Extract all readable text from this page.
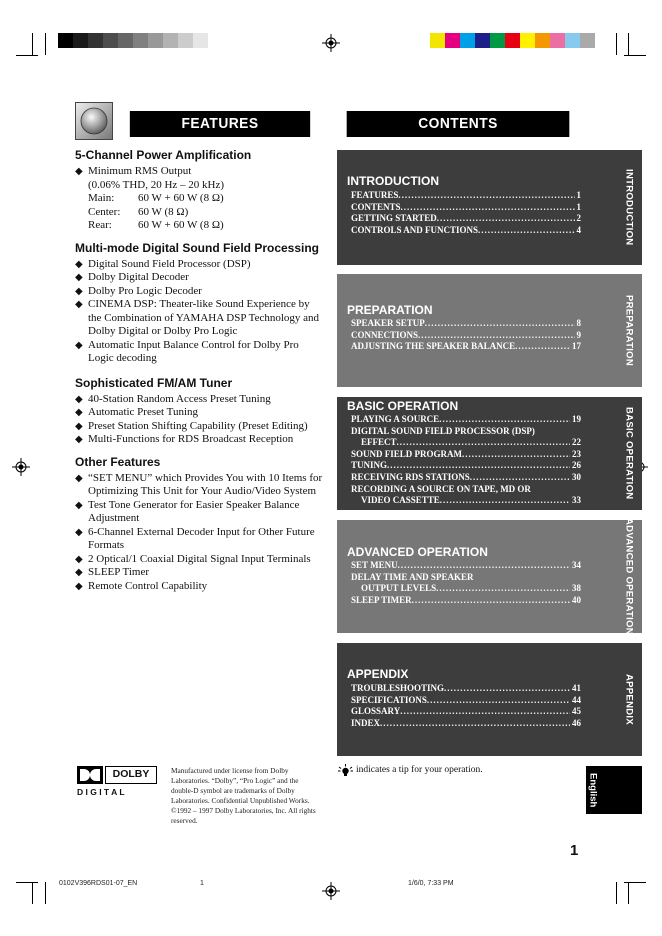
FEATURES	CONTENTS
5-Channel Power Amplification
◆ Minimum RMS Output
(0.06% THD, 20 Hz – 20 kHz)
Main:	60 W + 60 W (8 Ω)
Center:	60 W (8 Ω)
Rear:	60 W + 60 W (8 Ω)
Multi-mode Digital Sound Field Processing
◆ Digital Sound Field Processor (DSP)
◆ Dolby Digital Decoder
◆ Dolby Pro Logic Decoder
◆ CINEMA DSP: Theater-like Sound Experience by the Combination of YAMAHA DSP Technology and Dolby Digital or Dolby Pro Logic
◆ Automatic Input Balance Control for Dolby Pro Logic decoding
Sophisticated FM/AM Tuner
◆ 40-Station Random Access Preset Tuning
◆ Automatic Preset Tuning
◆ Preset Station Shifting Capability (Preset Editing)
◆ Multi-Functions for RDS Broadcast Reception
Other Features
◆ “SET MENU” which Provides You with 10 Items for Optimizing This Unit for Your Audio/Video System
◆ Test Tone Generator for Easier Speaker Balance Adjustment
◆ 6-Channel External Decoder Input for Other Future Formats
◆ 2 Optical/1 Coaxial Digital Signal Input Terminals
◆ SLEEP Timer
◆ Remote Control Capability
INTRODUCTION
FEATURES .....	1
CONTENTS .....	1
GETTING STARTED .....	2
CONTROLS AND FUNCTIONS .....	4	INTRODUCTION
PREPARATION
SPEAKER SETUP .....	8
CONNECTIONS .....	9
ADJUSTING THE SPEAKER BALANCE .....	17	PREPARATION
BASIC OPERATION
PLAYING A SOURCE .....	19
DIGITAL SOUND FIELD PROCESSOR (DSP)
EFFECT .....	22
SOUND FIELD PROGRAM .....	23
TUNING .....	26
RECEIVING RDS STATIONS .....	30
RECORDING A SOURCE ON TAPE, MD OR
VIDEO CASSETTE .....	33
BASIC OPERATION
ADVANCED OPERATION
SET MENU .....	34
DELAY TIME AND SPEAKER
OUTPUT LEVELS .....	38
SLEEP TIMER .....	40	ADVANCED OPERATION
APPENDIX
TROUBLESHOOTING .....	41
SPECIFICATIONS .....	44
GLOSSARY .....	45
INDEX .....	46	APPENDIX
indicates a tip for your operation.
English
1
DOLBY
D I G I T A L
Manufactured under license from Dolby Laboratories. “Dolby”, “Pro Logic” and the double-D symbol are trademarks of Dolby Laboratories. Confidential Unpublished Works. ©1992 – 1997 Dolby Laboratories, Inc. All rights reserved.
0102V396RDS01-07_EN	1	1/6/0, 7:33 PM
